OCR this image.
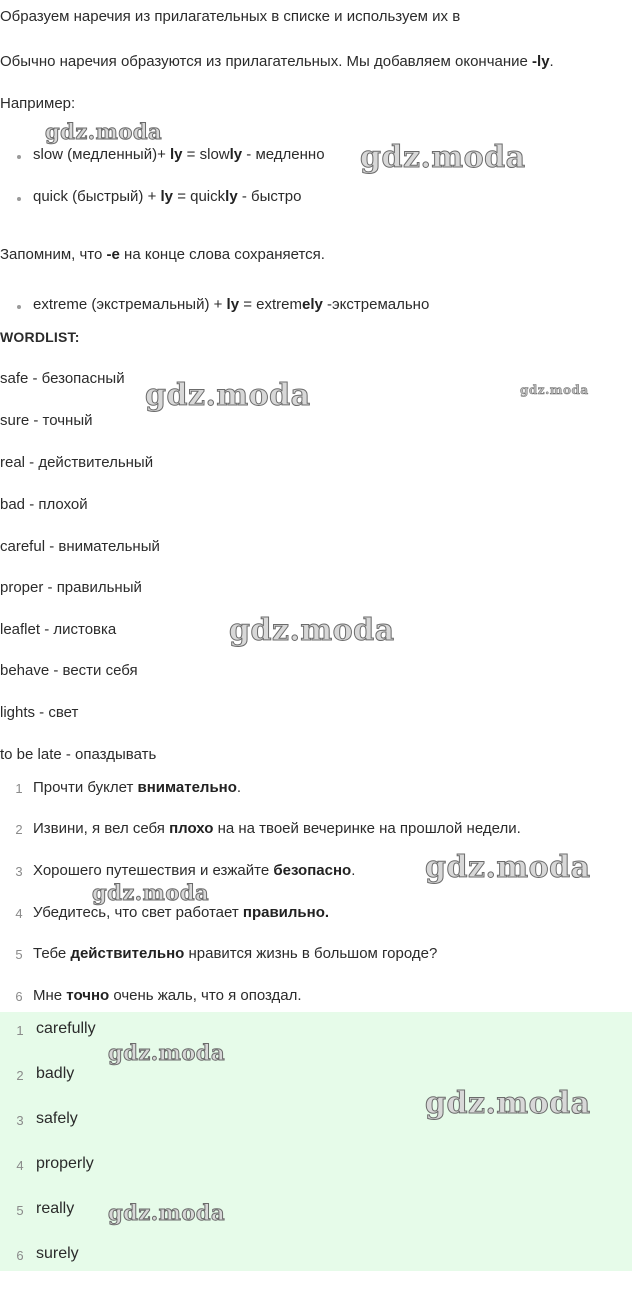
Образуем наречия из прилагательных в списке и используем их в
Обычно наречия образуются из прилагательных. Мы добавляем окончание -ly.
Например:
slow (медленный)+ ly = slowly - медленно
quick (быстрый) + ly = quickly - быстро
Запомним, что -е на конце слова сохраняется.
extreme (экстремальный) + ly = extremely -экстремально
WORDLIST:
safe - безопасный
sure - точный
real - действительный
bad - плохой
careful - внимательный
proper - правильный
leaflet - листовка
behave - вести себя
lights - свет
to be late - опаздывать
1 Прочти буклет внимательно.
2 Извини, я вел себя плохо на на твоей вечеринке на прошлой недели.
3 Хорошего путешествия и езжайте безопасно.
4 Убедитесь, что свет работает правильно.
5 Тебе действительно нравится жизнь в большом городе?
6 Мне точно очень жаль, что я опоздал.
1 carefully
2 badly
3 safely
4 properly
5 really
6 surely
gdz.moda
gdz.moda
gdz.moda	gdz.moda
gdz.moda
gdz.moda
gdz.moda
gdz.moda
gdz.moda
gdz.moda
